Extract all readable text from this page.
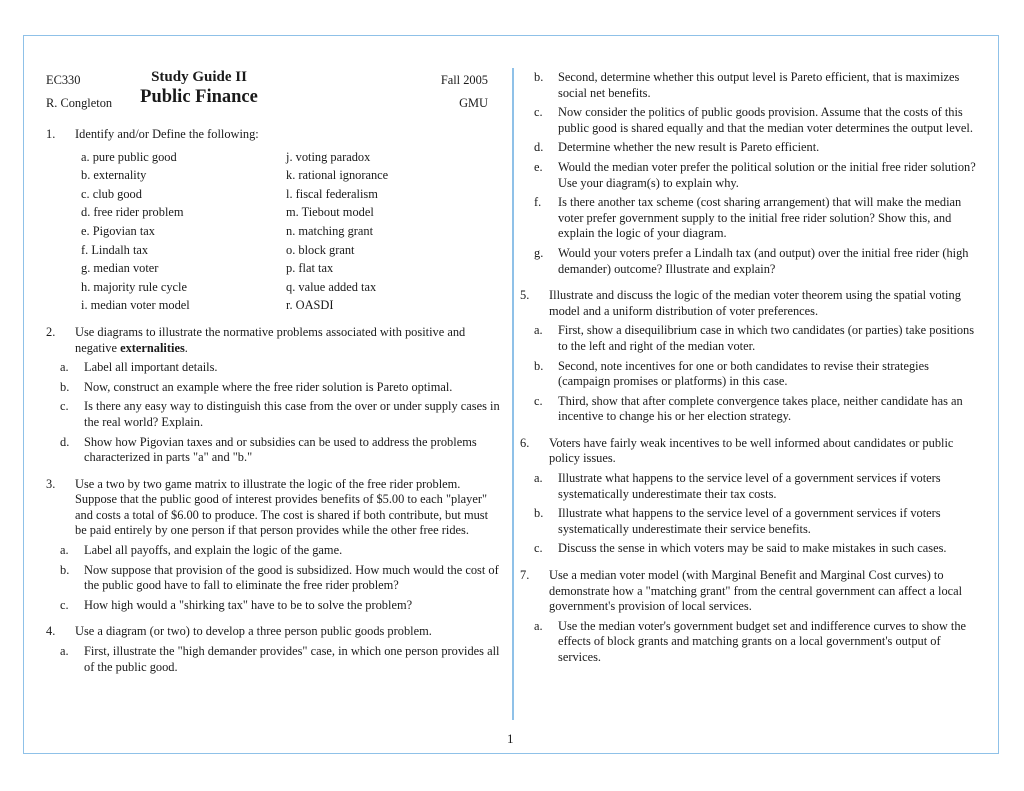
EC330	Study Guide II	Fall 2005
R. Congleton	Public Finance	GMU
1. Identify and/or Define the following:
a. pure public good	j. voting paradox
b. externality	k. rational ignorance
c. club good	l. fiscal federalism
d. free rider problem	m. Tiebout model
e. Pigovian tax	n. matching grant
f. Lindalh tax	o. block grant
g. median voter	p. flat tax
h. majority rule cycle	q. value added tax
i. median voter model	r. OASDI
2. Use diagrams to illustrate the normative problems associated with positive and negative externalities.
a. Label all important details.
b. Now, construct an example where the free rider solution is Pareto optimal.
c. Is there any easy way to distinguish this case from the over or under supply cases in the real world? Explain.
d. Show how Pigovian taxes and or subsidies can be used to address the problems characterized in parts "a" and "b."
3. Use a two by two game matrix to illustrate the logic of the free rider problem. Suppose that the public good of interest provides benefits of $5.00 to each "player" and costs a total of $6.00 to produce. The cost is shared if both contribute, but must be paid entirely by one person if that person provides while the other free rides.
a. Label all payoffs, and explain the logic of the game.
b. Now suppose that provision of the good is subsidized. How much would the cost of the public good have to fall to eliminate the free rider problem?
c. How high would a "shirking tax" have to be to solve the problem?
4. Use a diagram (or two) to develop a three person public goods problem.
a. First, illustrate the "high demander provides" case, in which one person provides all of the public good.
b. Second, determine whether this output level is Pareto efficient, that is maximizes social net benefits.
c. Now consider the politics of public goods provision. Assume that the costs of this public good is shared equally and that the median voter determines the output level.
d. Determine whether the new result is Pareto efficient.
e. Would the median voter prefer the political solution or the initial free rider solution? Use your diagram(s) to explain why.
f. Is there another tax scheme (cost sharing arrangement) that will make the median voter prefer government supply to the initial free rider solution? Show this, and explain the logic of your diagram.
g. Would your voters prefer a Lindalh tax (and output) over the initial free rider (high demander) outcome? Illustrate and explain?
5. Illustrate and discuss the logic of the median voter theorem using the spatial voting model and a uniform distribution of voter preferences.
a. First, show a disequilibrium case in which two candidates (or parties) take positions to the left and right of the median voter.
b. Second, note incentives for one or both candidates to revise their strategies (campaign promises or platforms) in this case.
c. Third, show that after complete convergence takes place, neither candidate has an incentive to change his or her election strategy.
6. Voters have fairly weak incentives to be well informed about candidates or public policy issues.
a. Illustrate what happens to the service level of a government services if voters systematically underestimate their tax costs.
b. Illustrate what happens to the service level of a government services if voters systematically underestimate their service benefits.
c. Discuss the sense in which voters may be said to make mistakes in such cases.
7. Use a median voter model (with Marginal Benefit and Marginal Cost curves) to demonstrate how a "matching grant" from the central government can affect a local government's provision of local services.
a. Use the median voter's government budget set and indifference curves to show the effects of block grants and matching grants on a local government's output of services.
1
